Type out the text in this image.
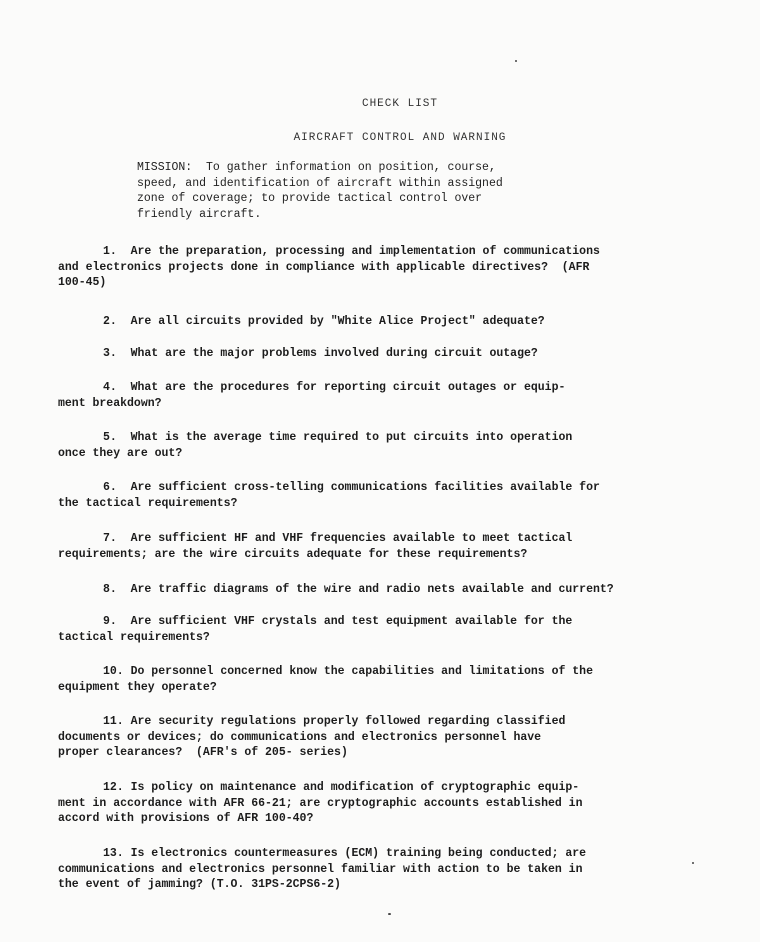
CHECK LIST
AIRCRAFT CONTROL AND WARNING
MISSION:  To gather information on position, course,
speed, and identification of aircraft within assigned
zone of coverage; to provide tactical control over
friendly aircraft.
1.  Are the preparation, processing and implementation of communications
and electronics projects done in compliance with applicable directives?  (AFR
100-45)
2.  Are all circuits provided by "White Alice Project" adequate?
3.  What are the major problems involved during circuit outage?
4.  What are the procedures for reporting circuit outages or equip-
ment breakdown?
5.  What is the average time required to put circuits into operation
once they are out?
6.  Are sufficient cross-telling communications facilities available for
the tactical requirements?
7.  Are sufficient HF and VHF frequencies available to meet tactical
requirements; are the wire circuits adequate for these requirements?
8.  Are traffic diagrams of the wire and radio nets available and current?
9.  Are sufficient VHF crystals and test equipment available for the
tactical requirements?
10. Do personnel concerned know the capabilities and limitations of the
equipment they operate?
11. Are security regulations properly followed regarding classified
documents or devices; do communications and electronics personnel have
proper clearances?  (AFR's of 205- series)
12. Is policy on maintenance and modification of cryptographic equip-
ment in accordance with AFR 66-21; are cryptographic accounts established in
accord with provisions of AFR 100-40?
13. Is electronics countermeasures (ECM) training being conducted; are
communications and electronics personnel familiar with action to be taken in
the event of jamming? (T.O. 31PS-2CPS6-2)
